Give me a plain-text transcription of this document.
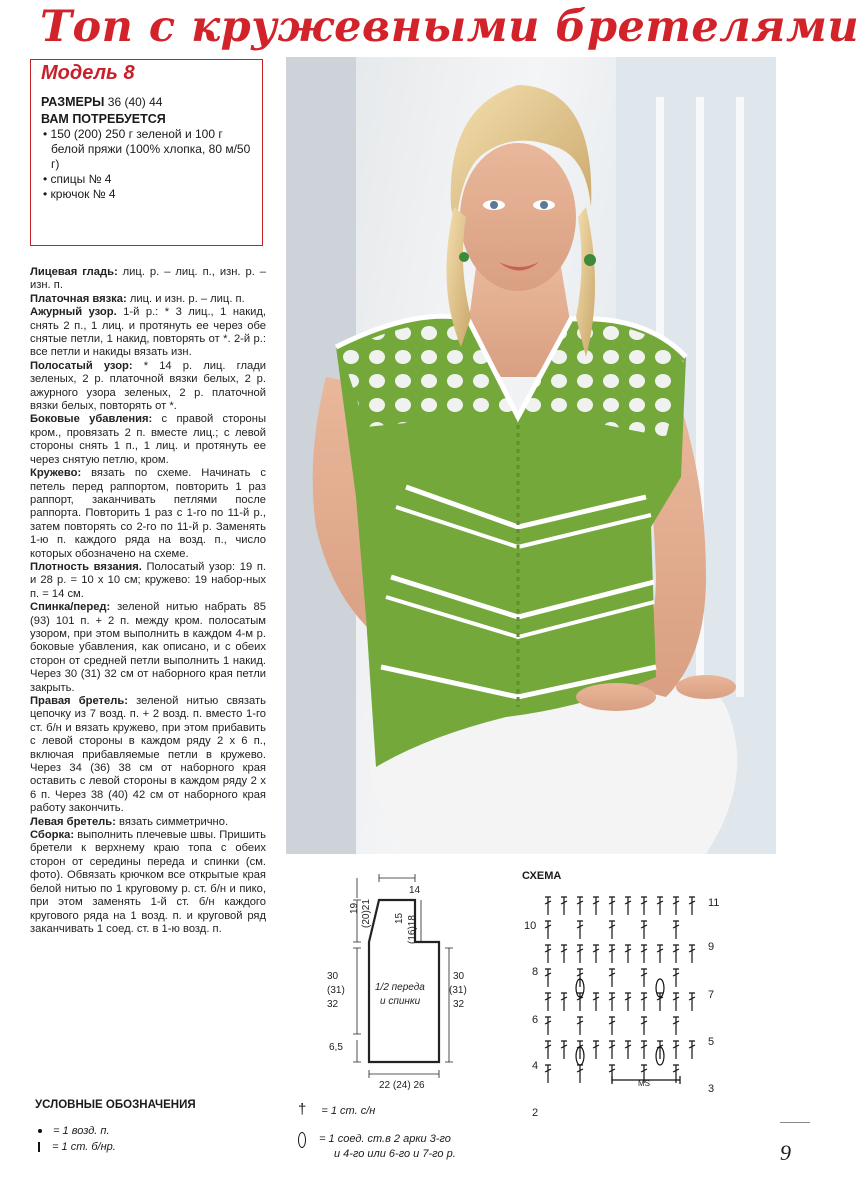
Топ с кружевными бретелями
Модель 8
РАЗМЕРЫ 36 (40) 44
ВАМ ПОТРЕБУЕТСЯ
• 150 (200) 250 г зеленой и 100 г белой пряжи (100% хлопка, 80 м/50 г)
• спицы № 4
• крючок № 4

Лицевая гладь: лиц. р. – лиц. п., изн. р. – изн. п.

Платочная вязка: лиц. и изн. р. – лиц. п.

Ажурный узор. 1-й р.: * 3 лиц., 1 накид, снять 2 п., 1 лиц. и протянуть ее через обе снятые петли, 1 накид, повторять от *. 2-й р.: все петли и накиды вязать изн.

Полосатый узор: * 14 р. лиц. глади зеленых, 2 р. платочной вязки белых, 2 р. ажурного узора зеленых, 2 р. платочной вязки белых, повторять от *.

Боковые убавления: с правой стороны кром., провязать 2 п. вместе лиц.; с левой стороны снять 1 п., 1 лиц. и протянуть ее через снятую петлю, кром.

Кружево: вязать по схеме. Начинать с петель перед раппортом, повторить 1 раз раппорт, заканчивать петлями после раппорта. Повторить 1 раз с 1-го по 11-й р., затем повторять со 2-го по 11-й р. Заменять 1-ю п. каждого ряда на возд. п., число которых обозначено на схеме.

Плотность вязания. Полосатый узор: 19 п. и 28 р. = 10 х 10 см; кружево: 19 набор-ных п. = 14 см.

Спинка/перед: зеленой нитью набрать 85 (93) 101 п. + 2 п. между кром. полосатым узором, при этом выполнить в каждом 4-м р. боковые убавления, как описано, и с обеих сторон от средней петли выполнить 1 накид. Через 30 (31) 32 см от наборного края петли закрыть.

Правая бретель: зеленой нитью связать цепочку из 7 возд. п. + 2 возд. п. вместо 1-го ст. б/н и вязать кружево, при этом прибавить с левой стороны в каждом ряду 2 х 6 п., включая прибавляемые петли в кружево. Через 34 (36) 38 см от наборного края оставить с левой стороны в каждом ряду 2 х 6 п. Через 38 (40) 42 см от наборного края работу закончить.

Левая бретель: вязать симметрично.

Сборка: выполнить плечевые швы. Пришить бретели к верхнему краю топа с обеих сторон от середины переда и спинки (см. фото). Обвязать крючком все открытые края белой нитью по 1 круговому р. ст. б/н и пико, при этом заменять 1-й ст. б/н каждого кругового ряда на 1 возд. п. и круговой ряд заканчивать 1 соед. ст. в 1-ю возд. п.

14
15 (16)18
19 (20)21
30
(31)
32
6,5
1/2 переда
и спинки
30
(31)
32
22 (24) 26
СХЕМА
10
8
6
4
2
11
9
7
5
3
MS
УСЛОВНЫЕ ОБОЗНАЧЕНИЯ
= 1 возд. п.
= 1 ст. б/нр.
† = 1 ст. с/н
= 1 соед. ст.в 2 арки 3-го
и 4-го или 6-го и 7-го р.	9
